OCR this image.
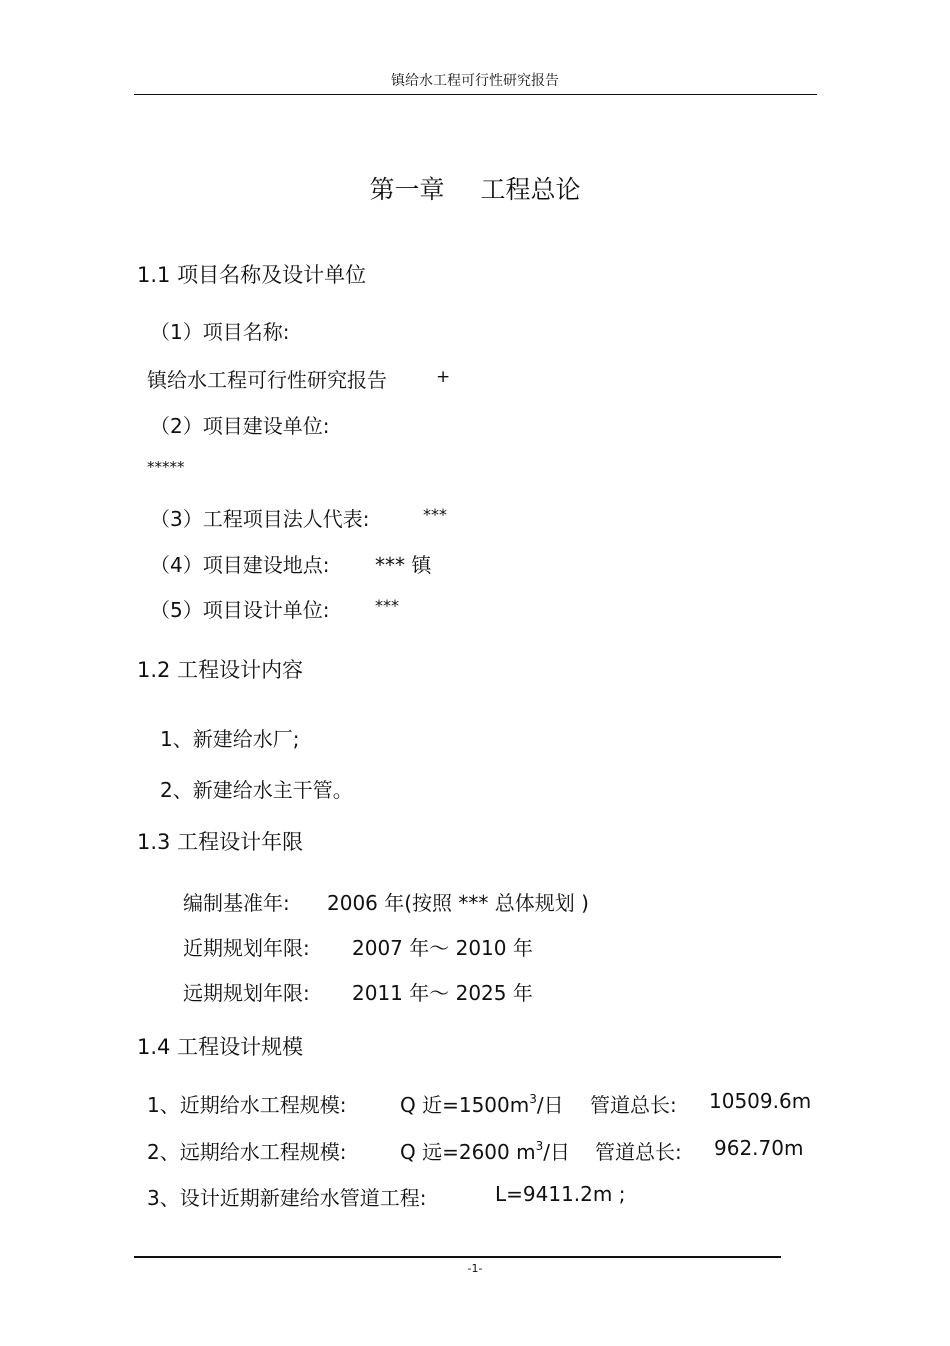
镇给水工程可行性研究报告
第一章 工程总论
1.1 项目名称及设计单位
（1）项目名称:
镇给水工程可行性研究报告	+
（2）项目建设单位:
*****
（3）工程项目法人代表:	***
（4）项目建设地点: *** 镇
（5）项目设计单位:	***
1.2 工程设计内容
1、新建给水厂;
2、新建给水主干管。
1.3 工程设计年限
编制基准年: 2006 年(按照 *** 总体规划 )
近期规划年限: 2007 年～ 2010 年
远期规划年限: 2011 年～ 2025 年
1.4 工程设计规模
1、近期给水工程规模:	Q 近$=1500m^3/$日 管道总长: 10509.6m
2、远期给水工程规模:	Q 远=2600 $m^3/$日 管道总长: 962.70m
3、设计近期新建给水管道工程:	L=9411.2m ;
-1-
